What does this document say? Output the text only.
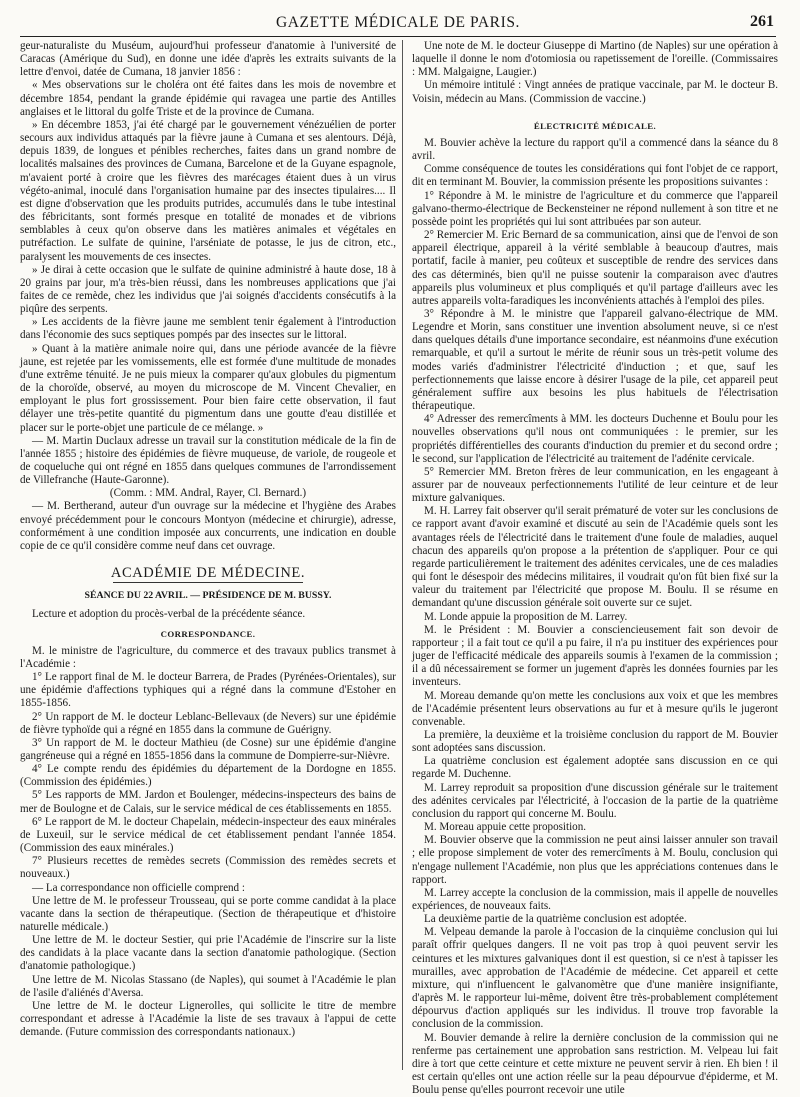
GAZETTE MÉDICALE DE PARIS.	261

geur-naturaliste du Muséum, aujourd'hui professeur d'anatomie à l'université de Caracas (Amérique du Sud), en donne une idée d'après les extraits suivants de la lettre d'envoi, datée de Cumana, 18 janvier 1856 :

« Mes observations sur le choléra ont été faites dans les mois de novembre et décembre 1854, pendant la grande épidémie qui ravagea une partie des Antilles anglaises et le littoral du golfe Triste et de la province de Cumana.

» En décembre 1853, j'ai été chargé par le gouvernement vénézuélien de porter secours aux individus attaqués par la fièvre jaune à Cumana et ses alentours. Déjà, depuis 1839, de longues et pénibles recherches, faites dans un grand nombre de localités malsaines des provinces de Cumana, Barcelone et de la Guyane espagnole, m'avaient porté à croire que les fièvres des marécages étaient dues à un virus végéto-animal, inoculé dans l'organisation humaine par des insectes tipulaires.... Il est digne d'observation que les produits putrides, accumulés dans le tube intestinal des fébricitants, sont formés presque en totalité de monades et de vibrions semblables à ceux qu'on observe dans les matières animales et végétales en putréfaction. Le sulfate de quinine, l'arséniate de potasse, le jus de citron, etc., paralysent les mouvements de ces insectes.

» Je dirai à cette occasion que le sulfate de quinine administré à haute dose, 18 à 20 grains par jour, m'a très-bien réussi, dans les nombreuses applications que j'ai faites de ce remède, chez les individus que j'ai soignés d'accidents consécutifs à la piqûre des serpents.

» Les accidents de la fièvre jaune me semblent tenir également à l'introduction dans l'économie des sucs septiques pompés par des insectes sur le littoral.

» Quant à la matière animale noire qui, dans une période avancée de la fièvre jaune, est rejetée par les vomissements, elle est formée d'une multitude de monades d'une extrême ténuité. Je ne puis mieux la comparer qu'aux globules du pigmentum de la choroïde, observé, au moyen du microscope de M. Vincent Chevalier, en employant le plus fort grossissement. Pour bien faire cette observation, il faut délayer une très-petite quantité du pigmentum dans une goutte d'eau distillée et placer sur le porte-objet une particule de ce mélange. »

— M. Martin Duclaux adresse un travail sur la constitution médicale de la fin de l'année 1855 ; histoire des épidémies de fièvre muqueuse, de variole, de rougeole et de coqueluche qui ont régné en 1855 dans quelques communes de l'arrondissement de Villefranche (Haute-Garonne).

(Comm. : MM. Andral, Rayer, Cl. Bernard.)

— M. Bertherand, auteur d'un ouvrage sur la médecine et l'hygiène des Arabes envoyé précédemment pour le concours Montyon (médecine et chirurgie), adresse, conformément à une condition imposée aux concurrents, une indication en double copie de ce qu'il considère comme neuf dans cet ouvrage.

ACADÉMIE DE MÉDECINE.
SÉANCE DU 22 AVRIL. — PRÉSIDENCE DE M. BUSSY.

Lecture et adoption du procès-verbal de la précédente séance.

CORRESPONDANCE.

M. le ministre de l'agriculture, du commerce et des travaux publics transmet à l'Académie :

1° Le rapport final de M. le docteur Barrera, de Prades (Pyrénées-Orientales), sur une épidémie d'affections typhiques qui a régné dans la commune d'Estoher en 1855-1856.

2° Un rapport de M. le docteur Leblanc-Bellevaux (de Nevers) sur une épidémie de fièvre typhoïde qui a régné en 1855 dans la commune de Guérigny.

3° Un rapport de M. le docteur Mathieu (de Cosne) sur une épidémie d'angine gangréneuse qui a régné en 1855-1856 dans la commune de Dompierre-sur-Nièvre.

4° Le compte rendu des épidémies du département de la Dordogne en 1855. (Commission des épidémies.)

5° Les rapports de MM. Jardon et Boulenger, médecins-inspecteurs des bains de mer de Boulogne et de Calais, sur le service médical de ces établissements en 1855.

6° Le rapport de M. le docteur Chapelain, médecin-inspecteur des eaux minérales de Luxeuil, sur le service médical de cet établissement pendant l'année 1854. (Commission des eaux minérales.)

7° Plusieurs recettes de remèdes secrets (Commission des remèdes secrets et nouveaux.)

— La correspondance non officielle comprend :

Une lettre de M. le professeur Trousseau, qui se porte comme candidat à la place vacante dans la section de thérapeutique. (Section de thérapeutique et d'histoire naturelle médicale.)

Une lettre de M. le docteur Sestier, qui prie l'Académie de l'inscrire sur la liste des candidats à la place vacante dans la section d'anatomie pathologique. (Section d'anatomie pathologique.)

Une lettre de M. Nicolas Stassano (de Naples), qui soumet à l'Académie le plan de l'asile d'aliénés d'Aversa.

Une lettre de M. le docteur Lignerolles, qui sollicite le titre de membre correspondant et adresse à l'Académie la liste de ses travaux à l'appui de cette demande. (Future commission des correspondants nationaux.)

Une note de M. le docteur Giuseppe di Martino (de Naples) sur une opération à laquelle il donne le nom d'otomiosia ou rapetissement de l'oreille. (Commissaires : MM. Malgaigne, Laugier.)

Un mémoire intitulé : Vingt années de pratique vaccinale, par M. le docteur B. Voisin, médecin au Mans. (Commission de vaccine.)

ÉLECTRICITÉ MÉDICALE.

M. Bouvier achève la lecture du rapport qu'il a commencé dans la séance du 8 avril.

Comme conséquence de toutes les considérations qui font l'objet de ce rapport, dit en terminant M. Bouvier, la commission présente les propositions suivantes :

1° Répondre à M. le ministre de l'agriculture et du commerce que l'appareil galvano-thermo-électrique de Beckensteiner ne répond nullement à son titre et ne possède point les propriétés qui lui sont attribuées par son auteur.

2° Remercier M. Eric Bernard de sa communication, ainsi que de l'envoi de son appareil électrique, appareil à la vérité semblable à beaucoup d'autres, mais portatif, facile à manier, peu coûteux et susceptible de rendre des services dans des cas déterminés, bien qu'il ne puisse soutenir la comparaison avec d'autres appareils plus volumineux et plus compliqués et qu'il partage d'ailleurs avec les autres appareils volta-faradiques les inconvénients attachés à l'emploi des piles.

3° Répondre à M. le ministre que l'appareil galvano-électrique de MM. Legendre et Morin, sans constituer une invention absolument neuve, si ce n'est dans quelques détails d'une importance secondaire, est néanmoins d'une exécution remarquable, et qu'il a surtout le mérite de réunir sous un très-petit volume des modes variés d'administrer l'électricité d'induction ; et que, sauf les perfectionnements que laisse encore à désirer l'usage de la pile, cet appareil peut généralement suffire aux besoins les plus habituels de l'électrisation thérapeutique.

4° Adresser des remercîments à MM. les docteurs Duchenne et Boulu pour les nouvelles observations qu'il nous ont communiquées : le premier, sur les propriétés différentielles des courants d'induction du premier et du second ordre ; le second, sur l'application de l'électricité au traitement de l'adénite cervicale.

5° Remercier MM. Breton frères de leur communication, en les engageant à assurer par de nouveaux perfectionnements l'utilité de leur ceinture et de leur mixture galvaniques.

M. H. Larrey fait observer qu'il serait prématuré de voter sur les conclusions de ce rapport avant d'avoir examiné et discuté au sein de l'Académie quels sont les avantages réels de l'électricité dans le traitement d'une foule de maladies, auquel chacun des appareils qu'on propose a la prétention de s'appliquer. Pour ce qui regarde particulièrement le traitement des adénites cervicales, une de ces maladies qui font le désespoir des médecins militaires, il voudrait qu'on fût bien fixé sur la valeur du traitement par l'électricité que propose M. Boulu. Il se résume en demandant qu'une discussion générale soit ouverte sur ce sujet.

M. Londe appuie la proposition de M. Larrey.

M. le Président : M. Bouvier a consciencieusement fait son devoir de rapporteur ; il a fait tout ce qu'il a pu faire, il n'a pu instituer des expériences pour juger de l'efficacité médicale des appareils soumis à l'examen de la commission ; il a dû nécessairement se former un jugement d'après les données fournies par les inventeurs.

M. Moreau demande qu'on mette les conclusions aux voix et que les membres de l'Académie présentent leurs observations au fur et à mesure qu'ils le jugeront convenable.

La première, la deuxième et la troisième conclusion du rapport de M. Bouvier sont adoptées sans discussion.

La quatrième conclusion est également adoptée sans discussion en ce qui regarde M. Duchenne.

M. Larrey reproduit sa proposition d'une discussion générale sur le traitement des adénites cervicales par l'électricité, à l'occasion de la partie de la quatrième conclusion du rapport qui concerne M. Boulu.

M. Moreau appuie cette proposition.

M. Bouvier observe que la commission ne peut ainsi laisser annuler son travail ; elle propose simplement de voter des remercîments à M. Boulu, conclusion qui n'engage nullement l'Académie, non plus que les appréciations contenues dans le rapport.

M. Larrey accepte la conclusion de la commission, mais il appelle de nouvelles expériences, de nouveaux faits.

La deuxième partie de la quatrième conclusion est adoptée.

M. Velpeau demande la parole à l'occasion de la cinquième conclusion qui lui paraît offrir quelques dangers. Il ne voit pas trop à quoi peuvent servir les ceintures et les mixtures galvaniques dont il est question, si ce n'est à tapisser les murailles, avec approbation de l'Académie de médecine. Cet appareil et cette mixture, qui n'influencent le galvanomètre que d'une manière insignifiante, d'après M. le rapporteur lui-même, doivent être très-probablement complétement dépourvus d'action appliqués sur les individus. Il trouve trop favorable la conclusion de la commission.

M. Bouvier demande à relire la dernière conclusion de la commission qui ne renferme pas certainement une approbation sans restriction. M. Velpeau lui fait dire à tort que cette ceinture et cette mixture ne peuvent servir à rien. Eh bien ! il est certain qu'elles ont une action réelle sur la peau dépourvue d'épiderme, et M. Boulu pense qu'elles pourront recevoir une utile
